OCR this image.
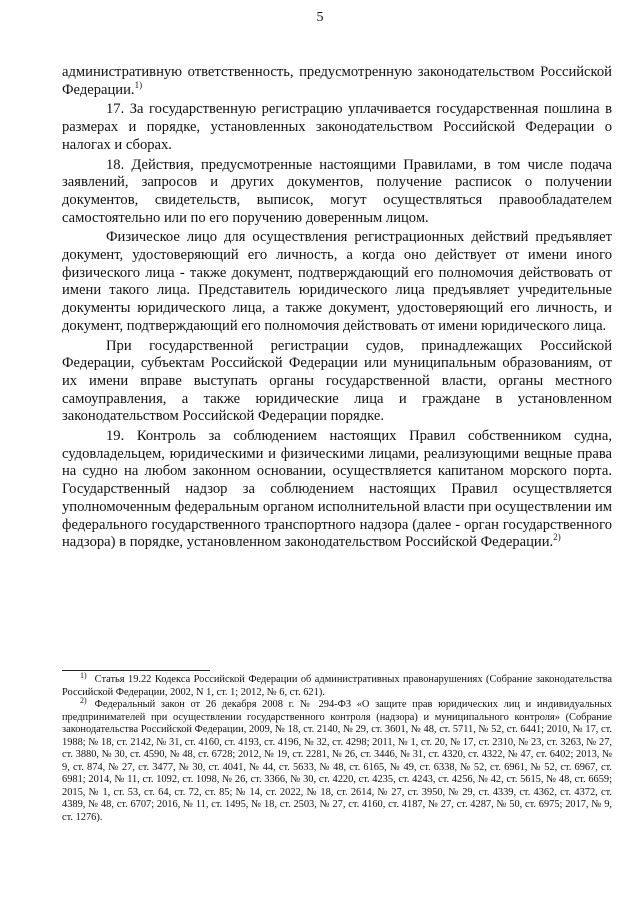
5

административную ответственность, предусмотренную законодательством Российской Федерации.$^{1)}$

17. За государственную регистрацию уплачивается государственная пошлина в размерах и порядке, установленных законодательством Российской Федерации о налогах и сборах.

18. Действия, предусмотренные настоящими Правилами, в том числе подача заявлений, запросов и других документов, получение расписок о получении документов, свидетельств, выписок, могут осуществляться правообладателем самостоятельно или по его поручению доверенным лицом.

Физическое лицо для осуществления регистрационных действий предъявляет документ, удостоверяющий его личность, а когда оно действует от имени иного физического лица - также документ, подтверждающий его полномочия действовать от имени такого лица. Представитель юридического лица предъявляет учредительные документы юридического лица, а также документ, удостоверяющий его личность, и документ, подтверждающий его полномочия действовать от имени юридического лица.

При государственной регистрации судов, принадлежащих Российской Федерации, субъектам Российской Федерации или муниципальным образованиям, от их имени вправе выступать органы государственной власти, органы местного самоуправления, а также юридические лица и граждане в установленном законодательством Российской Федерации порядке.

19. Контроль за соблюдением настоящих Правил собственником судна, судовладельцем, юридическими и физическими лицами, реализующими вещные права на судно на любом законном основании, осуществляется капитаном морского порта. Государственный надзор за соблюдением настоящих Правил осуществляется уполномоченным федеральным органом исполнительной власти при осуществлении им федерального государственного транспортного надзора (далее - орган государственного надзора) в порядке, установленном законодательством Российской Федерации.$^{2)}$

$^{1)}$ Статья 19.22 Кодекса Российской Федерации об административных правонарушениях (Собрание законодательства Российской Федерации, 2002, N 1, ст. 1; 2012, № 6, ст. 621).

$^{2)}$ Федеральный закон от 26 декабря 2008 г. № 294-ФЗ «О защите прав юридических лиц и индивидуальных предпринимателей при осуществлении государственного контроля (надзора) и муниципального контроля» (Собрание законодательства Российской Федерации, 2009, № 18, ст. 2140, № 29, ст. 3601, № 48, ст. 5711, № 52, ст. 6441; 2010, № 17, ст. 1988; № 18, ст. 2142, № 31, ст. 4160, ст. 4193, ст. 4196, № 32, ст. 4298; 2011, № 1, ст. 20, № 17, ст. 2310, № 23, ст. 3263, № 27, ст. 3880, № 30, ст. 4590, № 48, ст. 6728; 2012, № 19, ст. 2281, № 26, ст. 3446, № 31, ст. 4320, ст. 4322, № 47, ст. 6402; 2013, № 9, ст. 874, № 27, ст. 3477, № 30, ст. 4041, № 44, ст. 5633, № 48, ст. 6165, № 49, ст. 6338, № 52, ст. 6961, № 52, ст. 6967, ст. 6981; 2014, № 11, ст. 1092, ст. 1098, № 26, ст. 3366, № 30, ст. 4220, ст. 4235, ст. 4243, ст. 4256, № 42, ст. 5615, № 48, ст. 6659; 2015, № 1, ст. 53, ст. 64, ст. 72, ст. 85; № 14, ст. 2022, № 18, ст. 2614, № 27, ст. 3950, № 29, ст. 4339, ст. 4362, ст. 4372, ст. 4389, № 48, ст. 6707; 2016, № 11, ст. 1495, № 18, ст. 2503, № 27, ст. 4160, ст. 4187, № 27, ст. 4287, № 50, ст. 6975; 2017, № 9, ст. 1276).
